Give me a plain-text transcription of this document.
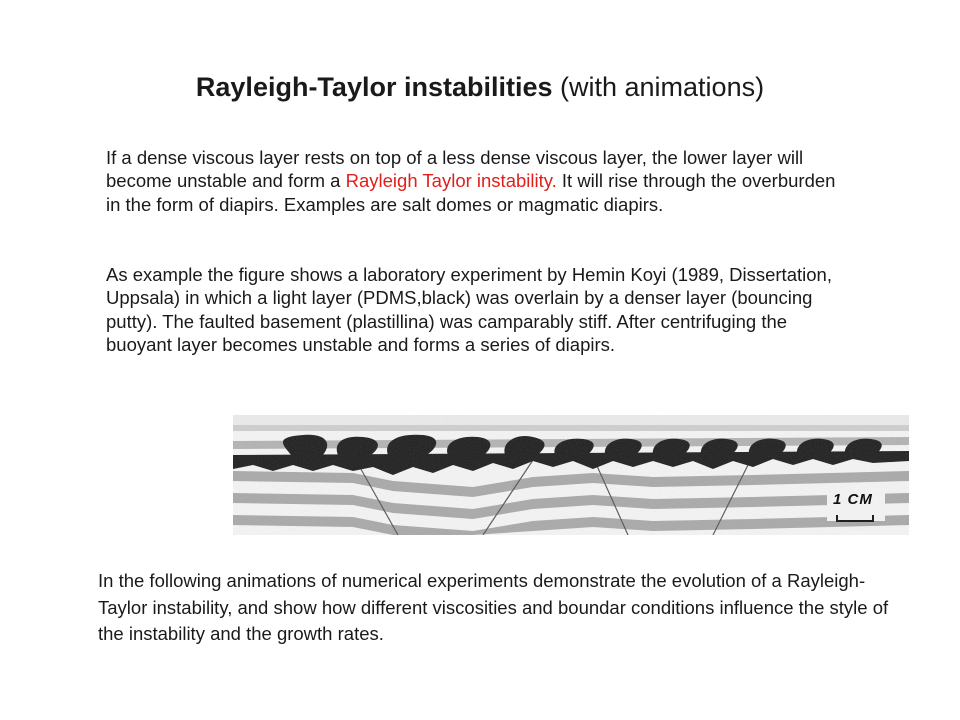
Rayleigh-Taylor instabilities (with animations)

If a dense viscous layer rests on top of a less dense viscous layer, the lower layer will become unstable and form a Rayleigh Taylor instability. It will rise through the overburden in the form of diapirs. Examples are salt domes or magmatic diapirs.

As example the figure shows a laboratory experiment by Hemin Koyi (1989, Dissertation, Uppsala) in which a light layer (PDMS,black) was overlain by a denser layer (bouncing putty). The faulted basement (plastillina) was camparably stiff. After centrifuging the buoyant layer becomes unstable and forms a series of diapirs.

1 CM

In the following animations of numerical experiments demonstrate the evolution of a Rayleigh-Taylor instability, and show how different viscosities and boundar conditions influence the style of the instability and the growth rates.
